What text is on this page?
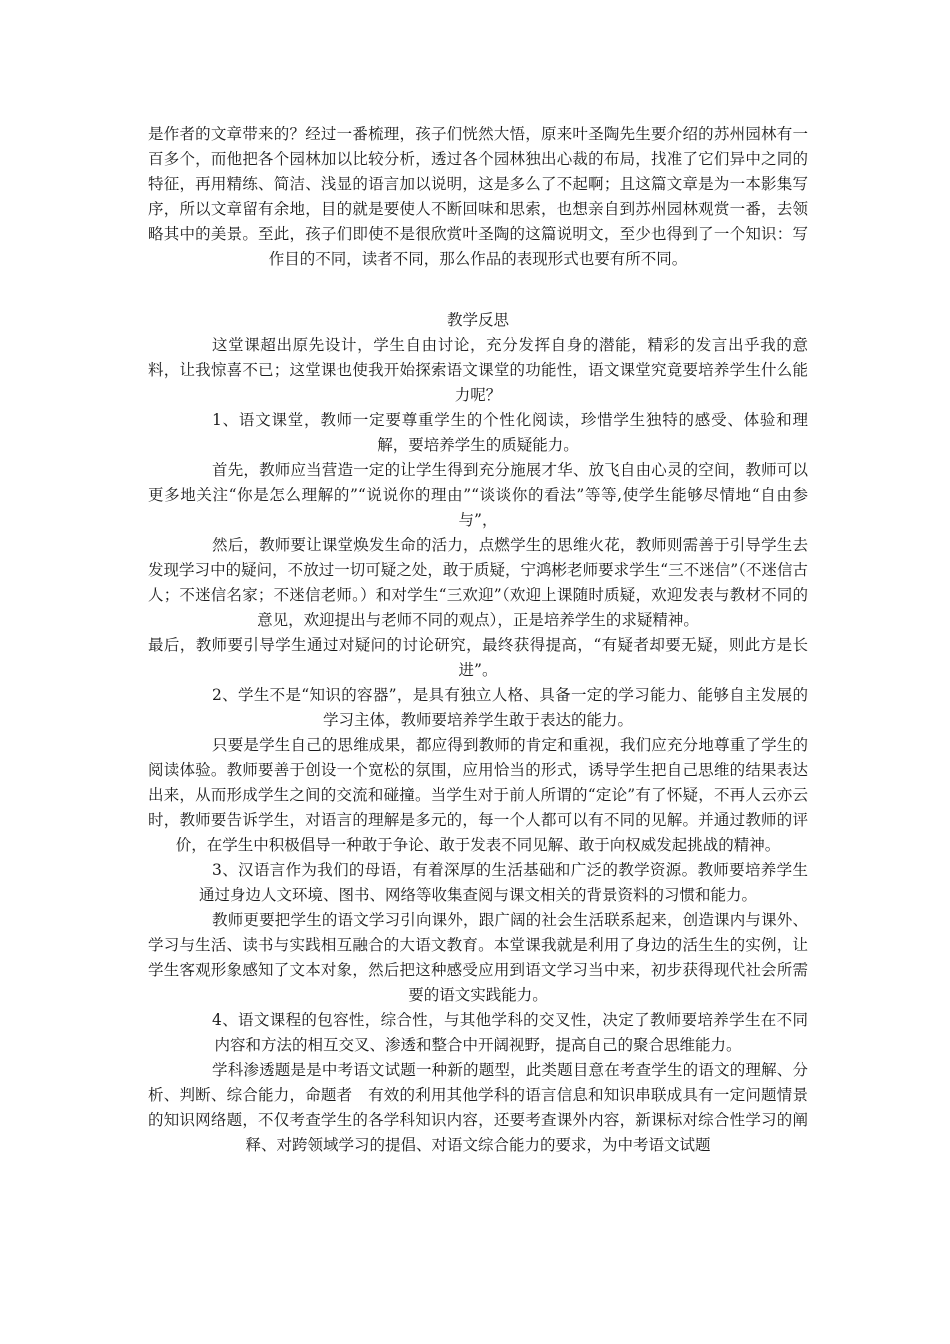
是作者的文章带来的？经过一番梳理，孩子们恍然大悟，原来叶圣陶先生要介绍的苏州园林有一百多个，而他把各个园林加以比较分析，透过各个园林独出心裁的布局，找准了它们异中之同的特征，再用精练、简洁、浅显的语言加以说明，这是多么了不起啊；且这篇文章是为一本影集写序，所以文章留有余地，目的就是要使人不断回味和思索，也想亲自到苏州园林观赏一番，去领略其中的美景。至此，孩子们即使不是很欣赏叶圣陶的这篇说明文，至少也得到了一个知识：写作目的不同，读者不同，那么作品的表现形式也要有所不同。

教学反思

这堂课超出原先设计，学生自由讨论，充分发挥自身的潜能，精彩的发言出乎我的意料，让我惊喜不已；这堂课也使我开始探索语文课堂的功能性，语文课堂究竟要培养学生什么能力呢？

1、语文课堂，教师一定要尊重学生的个性化阅读，珍惜学生独特的感受、体验和理解，要培养学生的质疑能力。

首先，教师应当营造一定的让学生得到充分施展才华、放飞自由心灵的空间，教师可以更多地关注“你是怎么理解的”“说说你的理由”“谈谈你的看法”等等,使学生能够尽情地“自由参与”，

然后，教师要让课堂焕发生命的活力，点燃学生的思维火花，教师则需善于引导学生去发现学习中的疑问，不放过一切可疑之处，敢于质疑，宁鸿彬老师要求学生“三不迷信”（不迷信古人；不迷信名家；不迷信老师。）和对学生“三欢迎”（欢迎上课随时质疑，欢迎发表与教材不同的意见，欢迎提出与老师不同的观点），正是培养学生的求疑精神。

最后，教师要引导学生通过对疑问的讨论研究，最终获得提高，“有疑者却要无疑，则此方是长进”。

2、学生不是“知识的容器”，是具有独立人格、具备一定的学习能力、能够自主发展的学习主体，教师要培养学生敢于表达的能力。

只要是学生自己的思维成果，都应得到教师的肯定和重视，我们应充分地尊重了学生的阅读体验。教师要善于创设一个宽松的氛围，应用恰当的形式，诱导学生把自己思维的结果表达出来，从而形成学生之间的交流和碰撞。当学生对于前人所谓的“定论”有了怀疑，不再人云亦云时，教师要告诉学生，对语言的理解是多元的，每一个人都可以有不同的见解。并通过教师的评价，在学生中积极倡导一种敢于争论、敢于发表不同见解、敢于向权威发起挑战的精神。

3、汉语言作为我们的母语，有着深厚的生活基础和广泛的教学资源。教师要培养学生通过身边人文环境、图书、网络等收集查阅与课文相关的背景资料的习惯和能力。

教师更要把学生的语文学习引向课外，跟广阔的社会生活联系起来，创造课内与课外、学习与生活、读书与实践相互融合的大语文教育。本堂课我就是利用了身边的活生生的实例，让学生客观形象感知了文本对象，然后把这种感受应用到语文学习当中来，初步获得现代社会所需要的语文实践能力。

4、语文课程的包容性，综合性，与其他学科的交叉性，决定了教师要培养学生在不同内容和方法的相互交叉、渗透和整合中开阔视野，提高自己的聚合思维能力。

学科渗透题是是中考语文试题一种新的题型，此类题目意在考查学生的语文的理解、分析、判断、综合能力，命题者　有效的利用其他学科的语言信息和知识串联成具有一定问题情景的知识网络题，不仅考查学生的各学科知识内容，还要考查课外内容，新课标对综合性学习的阐释、对跨领域学习的提倡、对语文综合能力的要求，为中考语文试题
